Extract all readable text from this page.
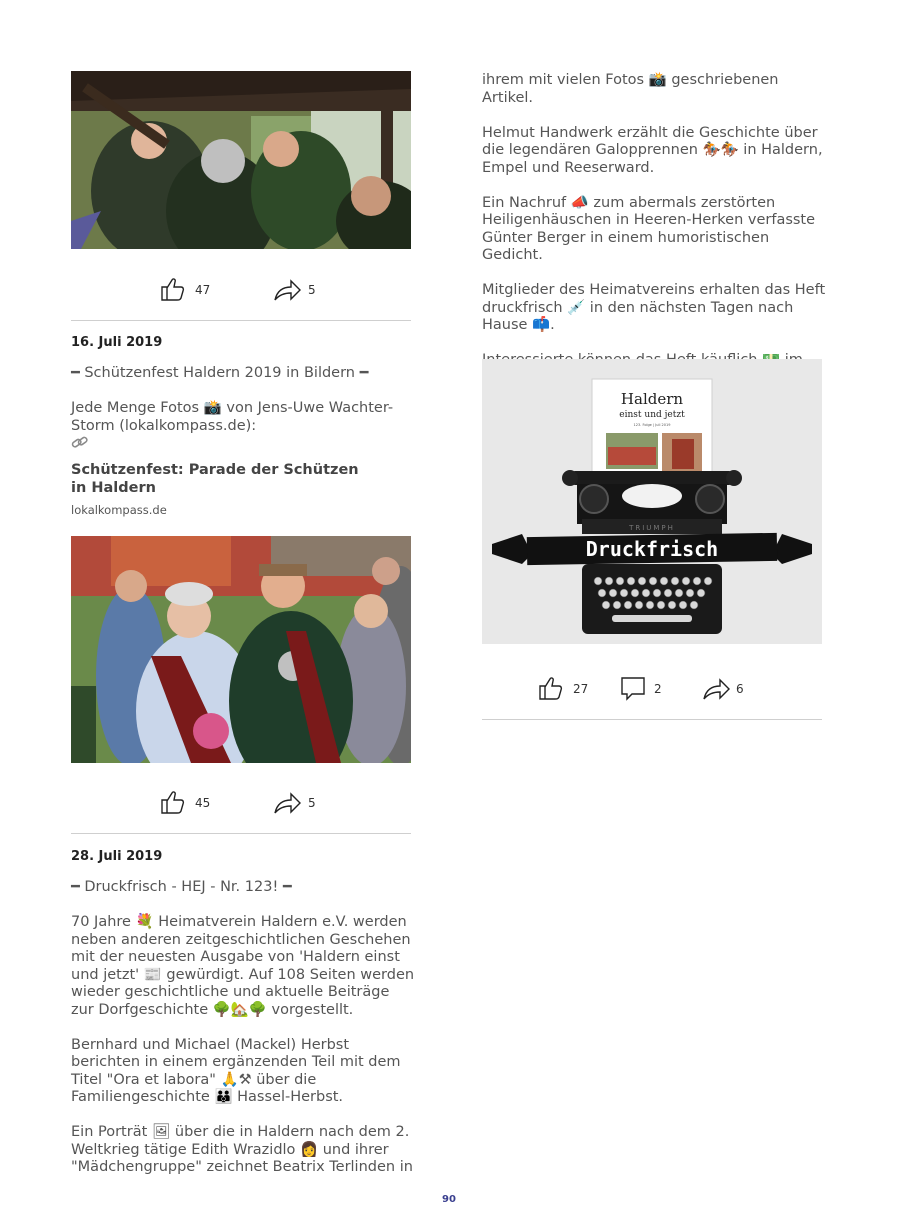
47	5
16. Juli 2019
━ Schützenfest Haldern 2019 in Bildern ━
Jede Menge Fotos 📸 von Jens-Uwe Wachter-Storm (lokalkompass.de):
Schützenfest: Parade der Schützen in Haldern
lokalkompass.de
45	5
28. Juli 2019
━ Druckfrisch - HEJ - Nr. 123! ━

70 Jahre 💐 Heimatverein Haldern e.V. werden neben anderen zeitgeschichtlichen Geschehen mit der neuesten Ausgabe von 'Haldern einst und jetzt' 📰 gewürdigt. Auf 108 Seiten werden wieder geschichtliche und aktuelle Beiträge zur Dorfgeschichte 🌳🏡🌳 vorgestellt.

Bernhard und Michael (Mackel) Herbst berichten in einem ergänzenden Teil mit dem Titel "Ora et labora" 🙏⚒ über die Familiengeschichte 👪 Hassel-Herbst.

Ein Porträt 🖼 über die in Haldern nach dem 2. Weltkrieg tätige Edith Wrazidlo 👩 und ihrer "Mädchengruppe" zeichnet Beatrix Terlinden in

ihrem mit vielen Fotos 📸 geschriebenen Artikel.

Helmut Handwerk erzählt die Geschichte über die legendären Galopprennen 🏇🏇 in Haldern, Empel und Reeserward.

Ein Nachruf 📣 zum abermals zerstörten Heiligenhäuschen in Heeren-Herken verfasste Günter Berger in einem humoristischen Gedicht.

Mitglieder des Heimatvereins erhalten das Heft druckfrisch 💉 in den nächsten Tagen nach Hause 📫.

Haldern
einst und jetzt
123. Folge | Juli 2019
TRIUMPH
Druckfrisch
27	2	6
90
